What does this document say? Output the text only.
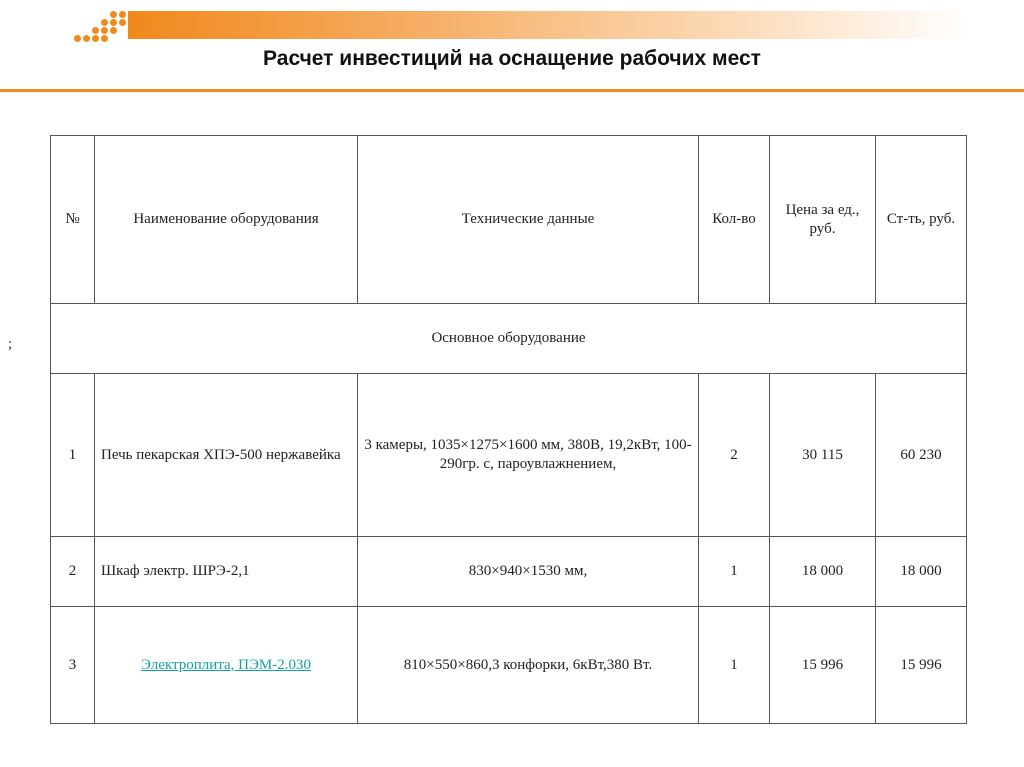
Расчет инвестиций на оснащение рабочих мест
;
№	Наименование оборудования	Технические данные	Кол-во	Цена за ед., руб.	Ст-ть, руб.
Основное оборудование					
1	Печь пекарская ХПЭ-500 нержавейка	3 камеры, 1035×1275×1600 мм, 380В, 19,2кВт, 100-290гр. с, пароувлажнением,	2	30 115	60 230
2	Шкаф электр. ШРЭ-2,1	830×940×1530 мм,	1	18 000	18 000
3	Электроплита, ПЭМ-2.030	810×550×860,3 конфорки, 6кВт,380 Вт.	1	15 996	15 996
